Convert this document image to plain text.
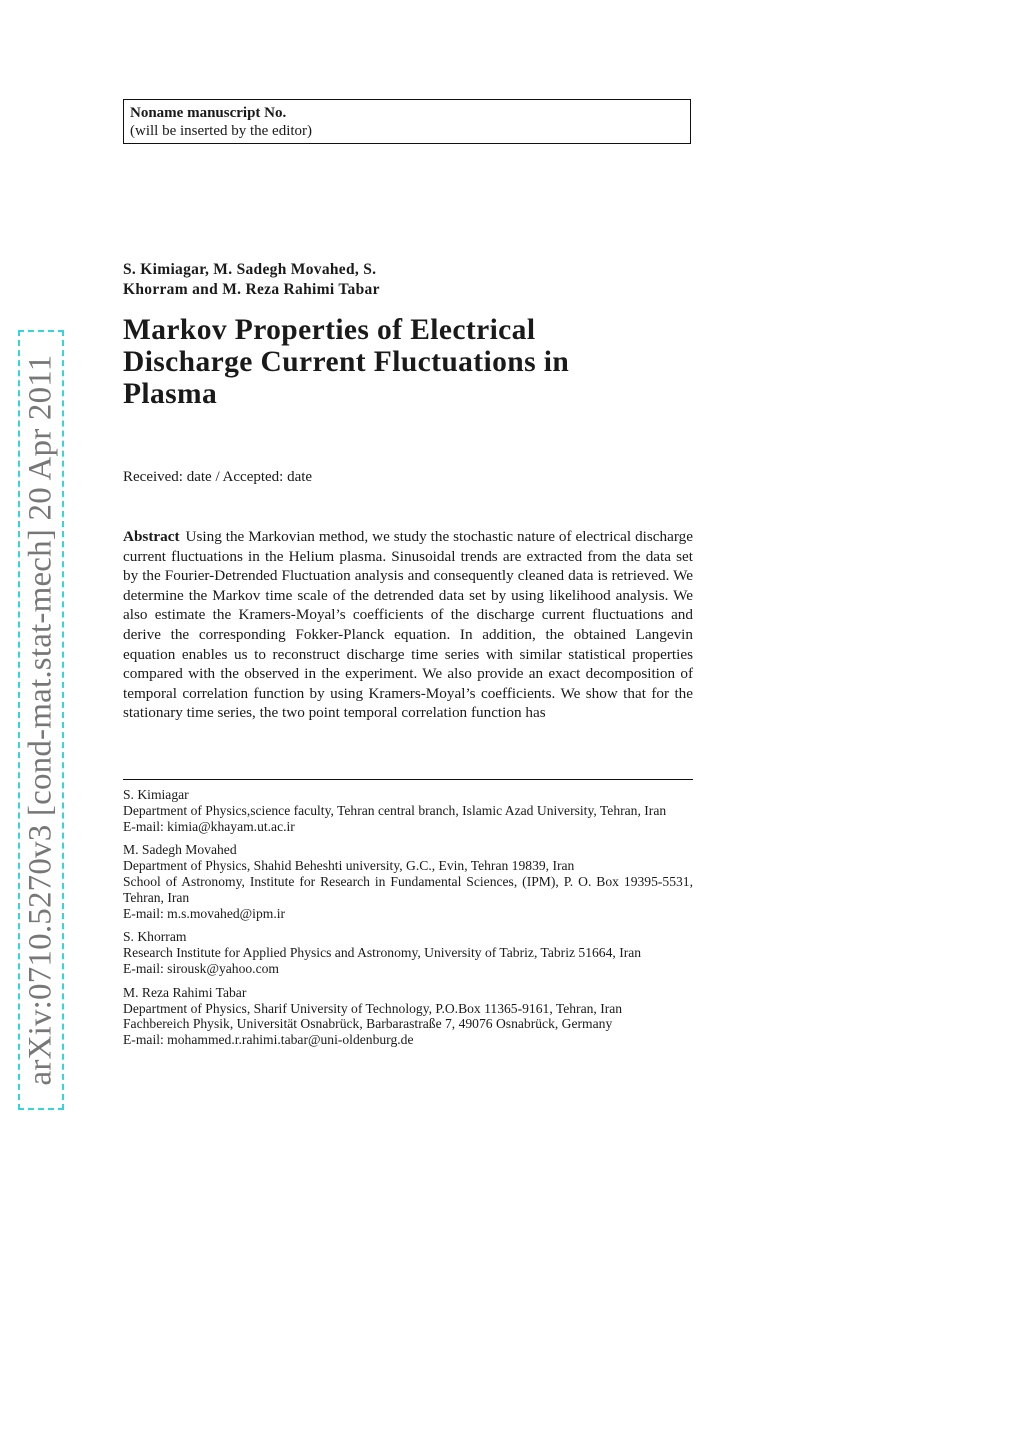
Noname manuscript No.
(will be inserted by the editor)
arXiv:0710.5270v3 [cond-mat.stat-mech] 20 Apr 2011
S. Kimiagar, M. Sadegh Movahed, S.
Khorram and M. Reza Rahimi Tabar
Markov Properties of Electrical
Discharge Current Fluctuations in
Plasma
Received: date / Accepted: date

Abstract Using the Markovian method, we study the stochastic nature of electrical discharge current fluctuations in the Helium plasma. Sinusoidal trends are extracted from the data set by the Fourier-Detrended Fluctuation analysis and consequently cleaned data is retrieved. We determine the Markov time scale of the detrended data set by using likelihood analysis. We also estimate the Kramers-Moyal’s coefficients of the discharge current fluctuations and derive the corresponding Fokker-Planck equation. In addition, the obtained Langevin equation enables us to reconstruct discharge time series with similar statistical properties compared with the observed in the experiment. We also provide an exact decomposition of temporal correlation function by using Kramers-Moyal’s coefficients. We show that for the stationary time series, the two point temporal correlation function has

S. Kimiagar
Department of Physics,science faculty, Tehran central branch, Islamic Azad University, Tehran, Iran
E-mail: kimia@khayam.ut.ac.ir
M. Sadegh Movahed
Department of Physics, Shahid Beheshti university, G.C., Evin, Tehran 19839, Iran
School of Astronomy, Institute for Research in Fundamental Sciences, (IPM), P. O. Box 19395-5531, Tehran, Iran
E-mail: m.s.movahed@ipm.ir
S. Khorram
Research Institute for Applied Physics and Astronomy, University of Tabriz, Tabriz 51664, Iran
E-mail: sirousk@yahoo.com
M. Reza Rahimi Tabar
Department of Physics, Sharif University of Technology, P.O.Box 11365-9161, Tehran, Iran
Fachbereich Physik, Universität Osnabrück, Barbarastraße 7, 49076 Osnabrück, Germany
E-mail: mohammed.r.rahimi.tabar@uni-oldenburg.de
